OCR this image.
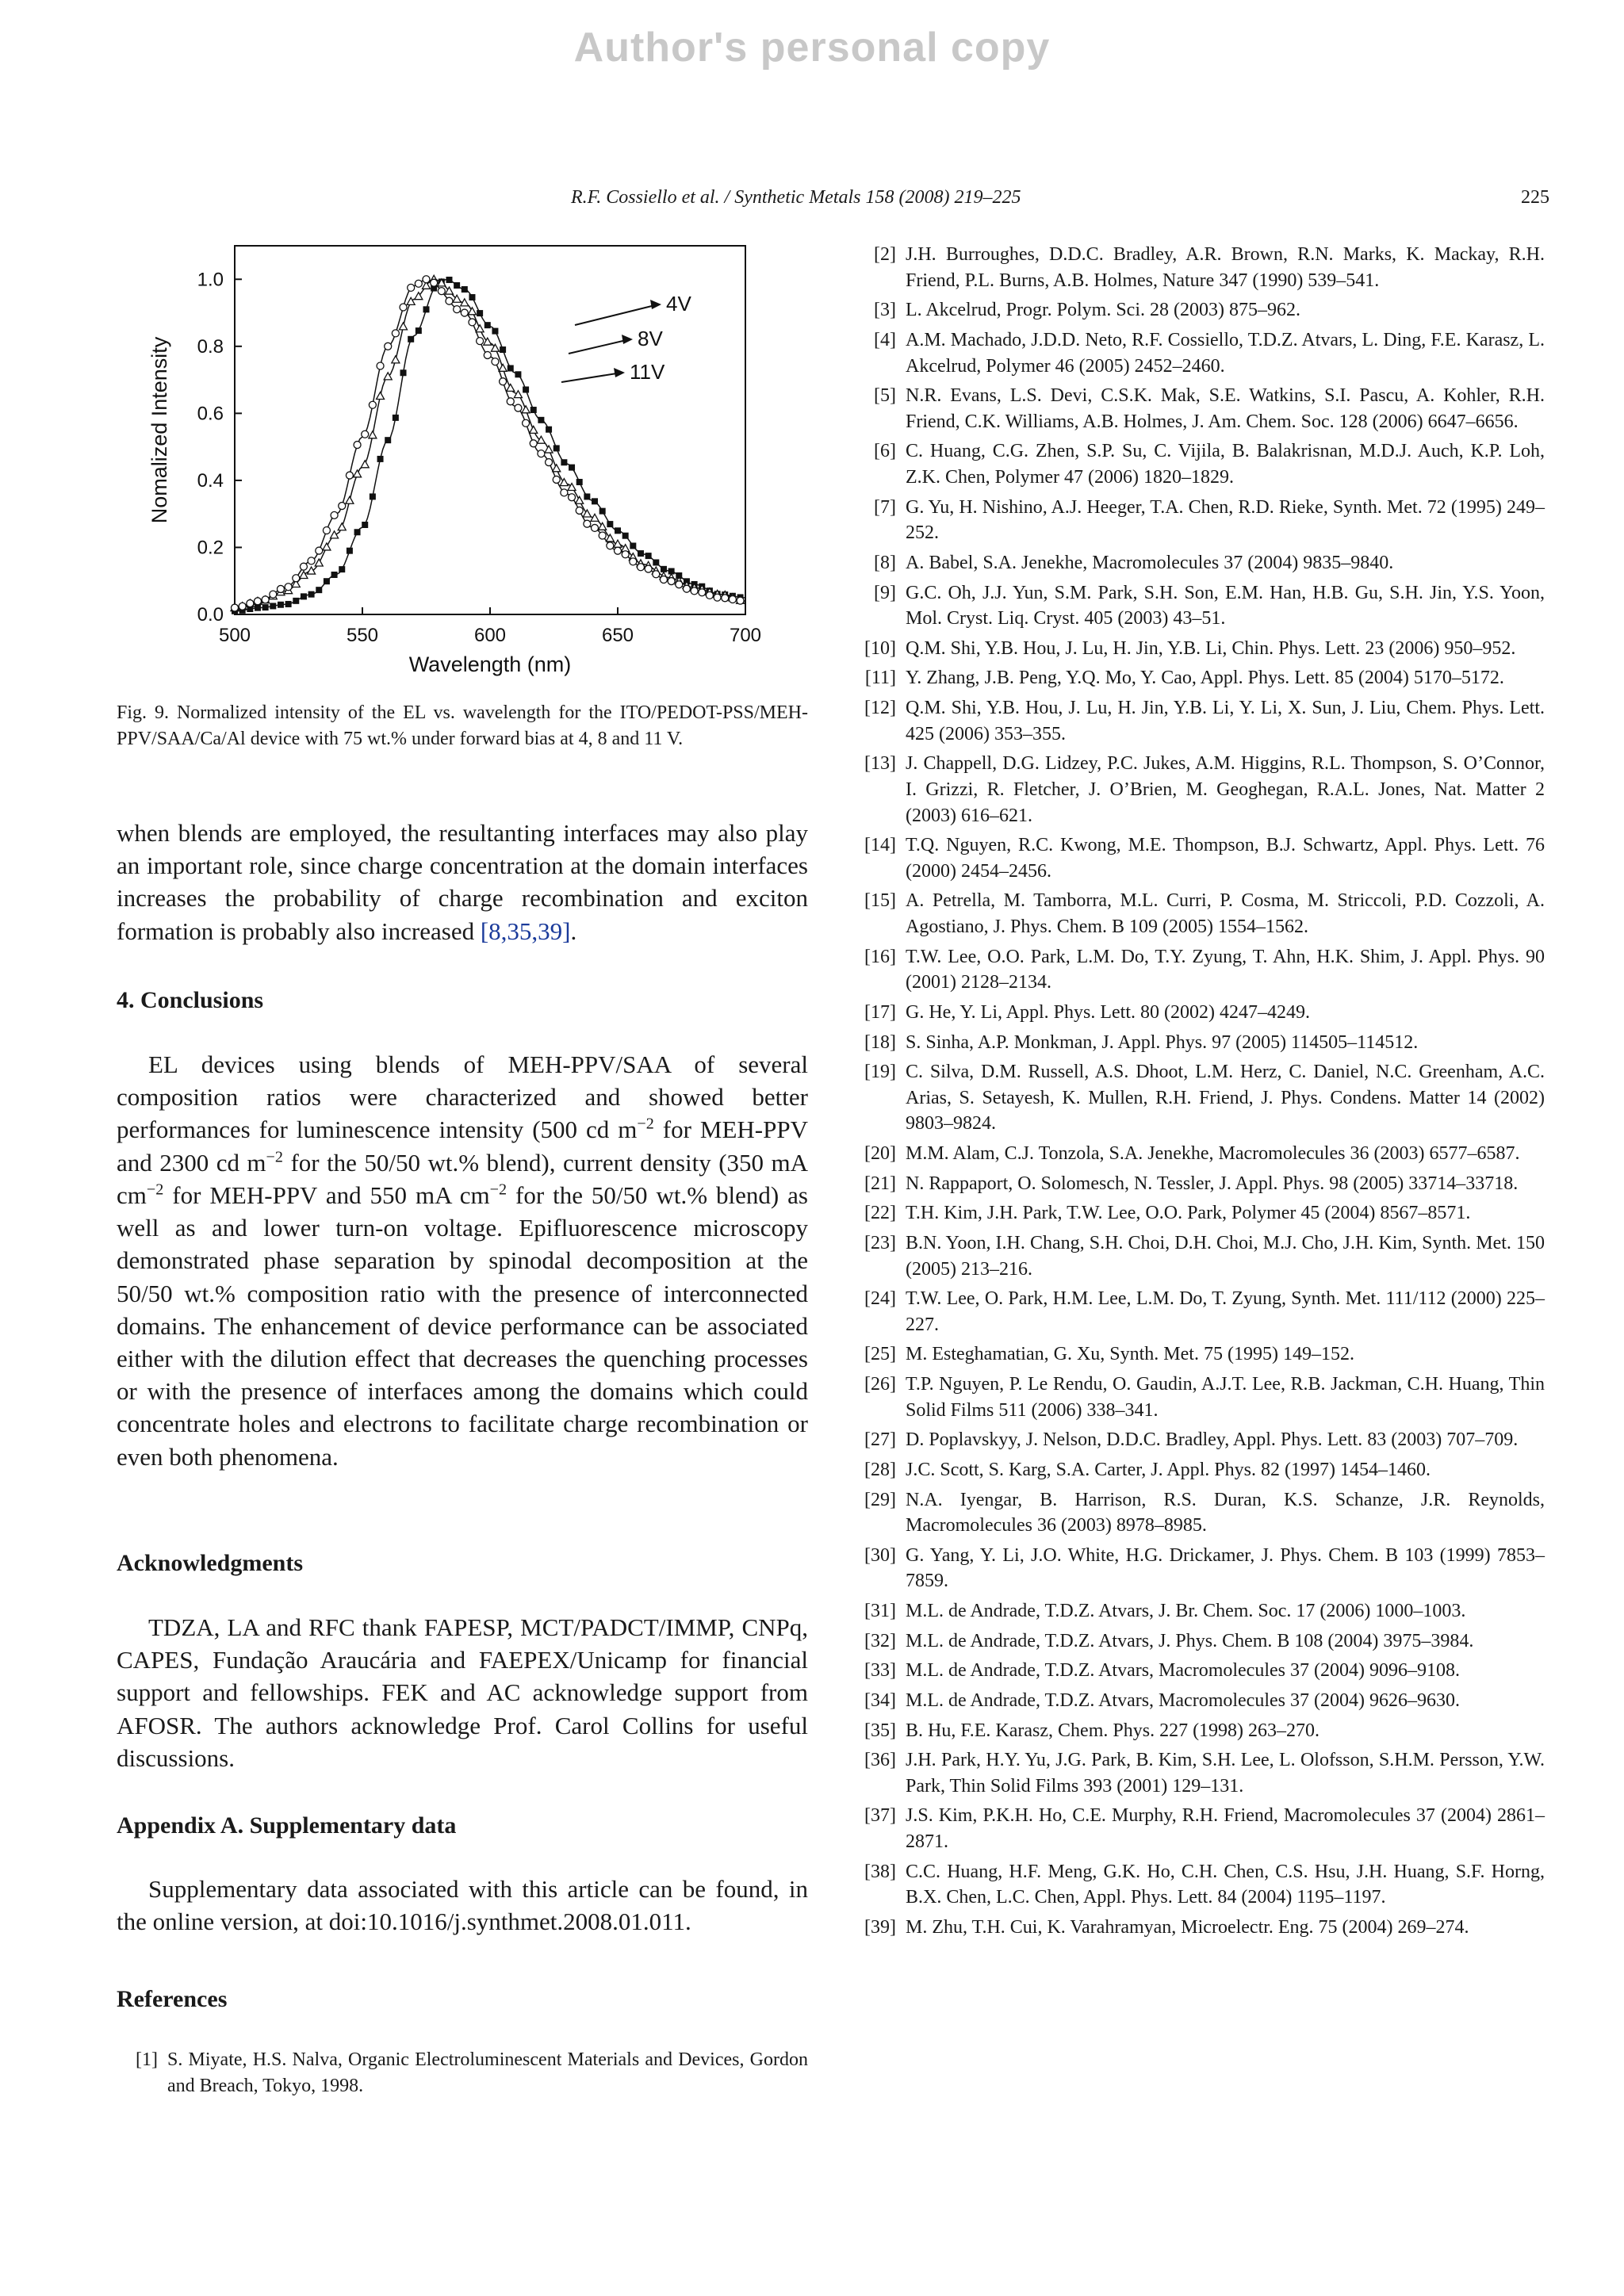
Author's personal copy
R.F. Cossiello et al. / Synthetic Metals 158 (2008) 219–225	225
500	550	600	650	700
0.0
0.2
0.4
0.6
0.8
1.0
Wavelength (nm)
Nomalized Intensity
4V
8V
11V
Fig. 9. Normalized intensity of the EL vs. wavelength for the ITO/PEDOT-PSS/MEH-PPV/SAA/Ca/Al device with 75 wt.% under forward bias at 4, 8 and 11 V.

when blends are employed, the resultanting interfaces may also play an important role, since charge concentration at the domain interfaces increases the probability of charge recombination and exciton formation is probably also increased [8,35,39].

4. Conclusions

EL devices using blends of MEH-PPV/SAA of several composition ratios were characterized and showed better performances for luminescence intensity (500 cd $m^{-2}$ for MEH-PPV and 2300 cd $m^{-2}$ for the 50/50 wt.% blend), current density (350 mA $cm^{-2}$ for MEH-PPV and 550 mA $cm^{-2}$ for the 50/50 wt.% blend) as well as and lower turn-on voltage. Epifluorescence microscopy demonstrated phase separation by spinodal decomposition at the 50/50 wt.% composition ratio with the presence of interconnected domains. The enhancement of device performance can be associated either with the dilution effect that decreases the quenching processes or with the presence of interfaces among the domains which could concentrate holes and electrons to facilitate charge recombination or even both phenomena.

Acknowledgments

TDZA, LA and RFC thank FAPESP, MCT/PADCT/IMMP, CNPq, CAPES, Fundação Araucária and FAEPEX/Unicamp for financial support and fellowships. FEK and AC acknowledge support from AFOSR. The authors acknowledge Prof. Carol Collins for useful discussions.

Appendix A. Supplementary data

Supplementary data associated with this article can be found, in the online version, at doi:10.1016/j.synthmet.2008.01.011.

References
[1] S. Miyate, H.S. Nalva, Organic Electroluminescent Materials and Devices, Gordon and Breach, Tokyo, 1998.
[2] J.H. Burroughes, D.D.C. Bradley, A.R. Brown, R.N. Marks, K. Mackay, R.H. Friend, P.L. Burns, A.B. Holmes, Nature 347 (1990) 539–541.
[3] L. Akcelrud, Progr. Polym. Sci. 28 (2003) 875–962.
[4] A.M. Machado, J.D.D. Neto, R.F. Cossiello, T.D.Z. Atvars, L. Ding, F.E. Karasz, L. Akcelrud, Polymer 46 (2005) 2452–2460.
[5] N.R. Evans, L.S. Devi, C.S.K. Mak, S.E. Watkins, S.I. Pascu, A. Kohler, R.H. Friend, C.K. Williams, A.B. Holmes, J. Am. Chem. Soc. 128 (2006) 6647–6656.
[6] C. Huang, C.G. Zhen, S.P. Su, C. Vijila, B. Balakrisnan, M.D.J. Auch, K.P. Loh, Z.K. Chen, Polymer 47 (2006) 1820–1829.
[7] G. Yu, H. Nishino, A.J. Heeger, T.A. Chen, R.D. Rieke, Synth. Met. 72 (1995) 249–252.
[8] A. Babel, S.A. Jenekhe, Macromolecules 37 (2004) 9835–9840.
[9] G.C. Oh, J.J. Yun, S.M. Park, S.H. Son, E.M. Han, H.B. Gu, S.H. Jin, Y.S. Yoon, Mol. Cryst. Liq. Cryst. 405 (2003) 43–51.
[10] Q.M. Shi, Y.B. Hou, J. Lu, H. Jin, Y.B. Li, Chin. Phys. Lett. 23 (2006) 950–952.
[11] Y. Zhang, J.B. Peng, Y.Q. Mo, Y. Cao, Appl. Phys. Lett. 85 (2004) 5170–5172.
[12] Q.M. Shi, Y.B. Hou, J. Lu, H. Jin, Y.B. Li, Y. Li, X. Sun, J. Liu, Chem. Phys. Lett. 425 (2006) 353–355.
[13] J. Chappell, D.G. Lidzey, P.C. Jukes, A.M. Higgins, R.L. Thompson, S. O’Connor, I. Grizzi, R. Fletcher, J. O’Brien, M. Geoghegan, R.A.L. Jones, Nat. Matter 2 (2003) 616–621.
[14] T.Q. Nguyen, R.C. Kwong, M.E. Thompson, B.J. Schwartz, Appl. Phys. Lett. 76 (2000) 2454–2456.
[15] A. Petrella, M. Tamborra, M.L. Curri, P. Cosma, M. Striccoli, P.D. Cozzoli, A. Agostiano, J. Phys. Chem. B 109 (2005) 1554–1562.
[16] T.W. Lee, O.O. Park, L.M. Do, T.Y. Zyung, T. Ahn, H.K. Shim, J. Appl. Phys. 90 (2001) 2128–2134.
[17] G. He, Y. Li, Appl. Phys. Lett. 80 (2002) 4247–4249.
[18] S. Sinha, A.P. Monkman, J. Appl. Phys. 97 (2005) 114505–114512.
[19] C. Silva, D.M. Russell, A.S. Dhoot, L.M. Herz, C. Daniel, N.C. Greenham, A.C. Arias, S. Setayesh, K. Mullen, R.H. Friend, J. Phys. Condens. Matter 14 (2002) 9803–9824.
[20] M.M. Alam, C.J. Tonzola, S.A. Jenekhe, Macromolecules 36 (2003) 6577–6587.
[21] N. Rappaport, O. Solomesch, N. Tessler, J. Appl. Phys. 98 (2005) 33714–33718.
[22] T.H. Kim, J.H. Park, T.W. Lee, O.O. Park, Polymer 45 (2004) 8567–8571.
[23] B.N. Yoon, I.H. Chang, S.H. Choi, D.H. Choi, M.J. Cho, J.H. Kim, Synth. Met. 150 (2005) 213–216.
[24] T.W. Lee, O. Park, H.M. Lee, L.M. Do, T. Zyung, Synth. Met. 111/112 (2000) 225–227.
[25] M. Esteghamatian, G. Xu, Synth. Met. 75 (1995) 149–152.
[26] T.P. Nguyen, P. Le Rendu, O. Gaudin, A.J.T. Lee, R.B. Jackman, C.H. Huang, Thin Solid Films 511 (2006) 338–341.
[27] D. Poplavskyy, J. Nelson, D.D.C. Bradley, Appl. Phys. Lett. 83 (2003) 707–709.
[28] J.C. Scott, S. Karg, S.A. Carter, J. Appl. Phys. 82 (1997) 1454–1460.
[29] N.A. Iyengar, B. Harrison, R.S. Duran, K.S. Schanze, J.R. Reynolds, Macromolecules 36 (2003) 8978–8985.
[30] G. Yang, Y. Li, J.O. White, H.G. Drickamer, J. Phys. Chem. B 103 (1999) 7853–7859.
[31] M.L. de Andrade, T.D.Z. Atvars, J. Br. Chem. Soc. 17 (2006) 1000–1003.
[32] M.L. de Andrade, T.D.Z. Atvars, J. Phys. Chem. B 108 (2004) 3975–3984.
[33] M.L. de Andrade, T.D.Z. Atvars, Macromolecules 37 (2004) 9096–9108.
[34] M.L. de Andrade, T.D.Z. Atvars, Macromolecules 37 (2004) 9626–9630.
[35] B. Hu, F.E. Karasz, Chem. Phys. 227 (1998) 263–270.
[36] J.H. Park, H.Y. Yu, J.G. Park, B. Kim, S.H. Lee, L. Olofsson, S.H.M. Persson, Y.W. Park, Thin Solid Films 393 (2001) 129–131.
[37] J.S. Kim, P.K.H. Ho, C.E. Murphy, R.H. Friend, Macromolecules 37 (2004) 2861–2871.
[38] C.C. Huang, H.F. Meng, G.K. Ho, C.H. Chen, C.S. Hsu, J.H. Huang, S.F. Horng, B.X. Chen, L.C. Chen, Appl. Phys. Lett. 84 (2004) 1195–1197.
[39] M. Zhu, T.H. Cui, K. Varahramyan, Microelectr. Eng. 75 (2004) 269–274.
